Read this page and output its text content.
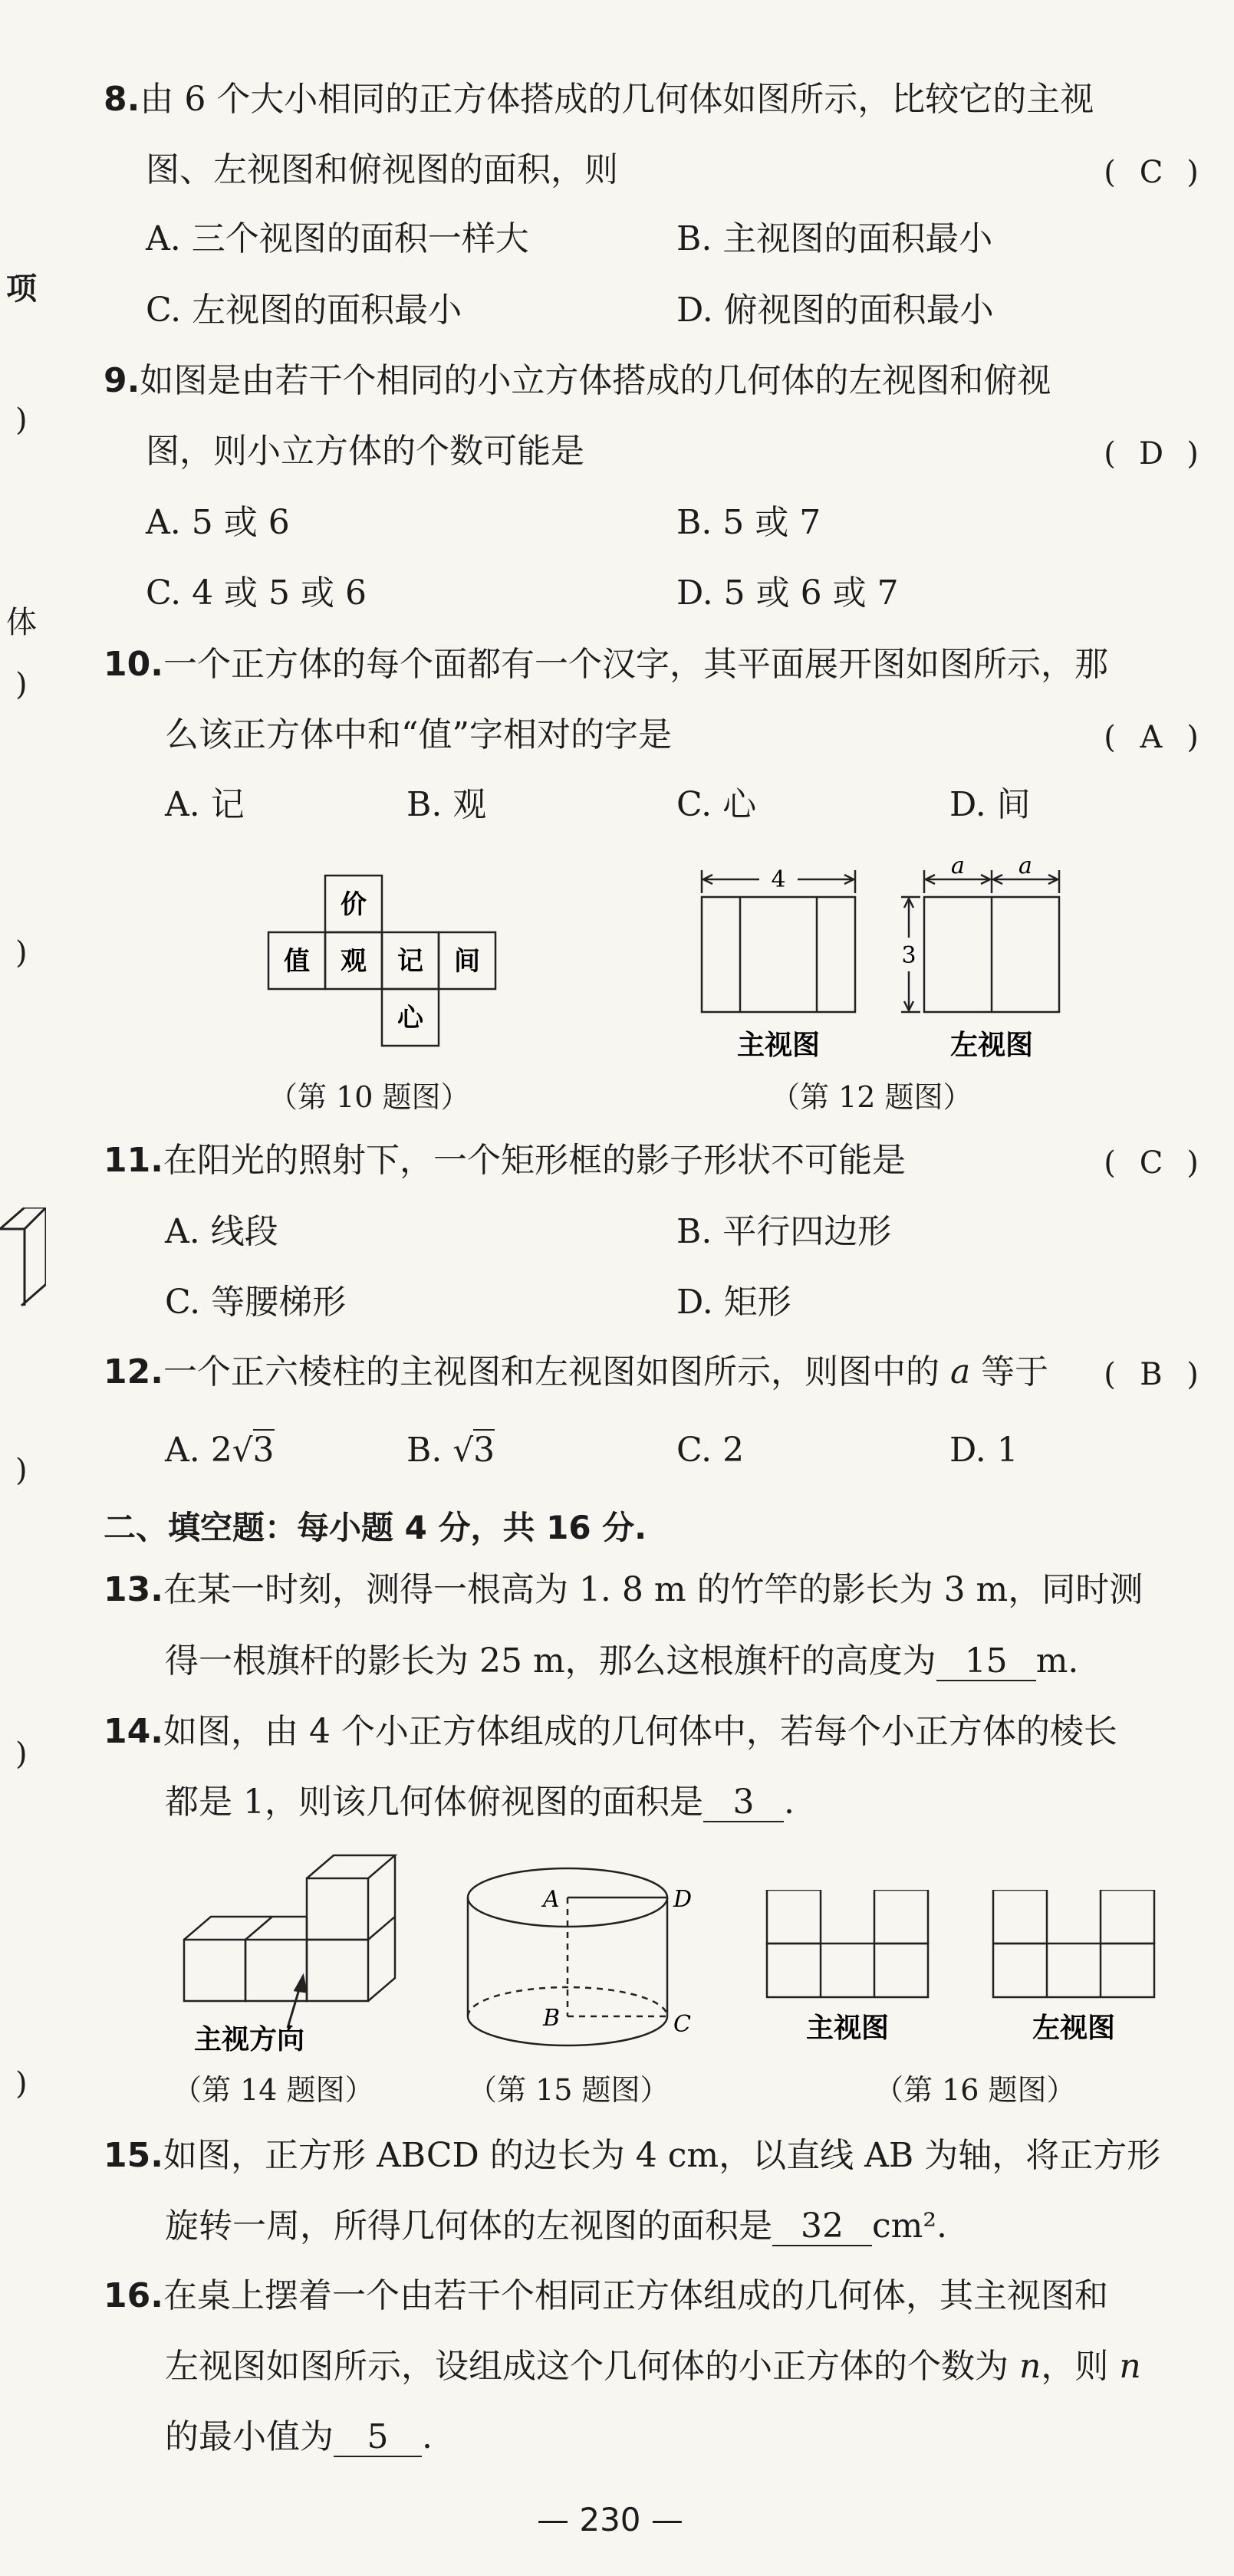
项
)
体
)
)
)
)
)
8.由 6 个大小相同的正方体搭成的几何体如图所示，比较它的主视
图、左视图和俯视图的面积，则	( C )
A. 三个视图的面积一样大	B. 主视图的面积最小
C. 左视图的面积最小	D. 俯视图的面积最小
9.如图是由若干个相同的小立方体搭成的几何体的左视图和俯视
图，则小立方体的个数可能是	( D )
A. 5 或 6	B. 5 或 7
C. 4 或 5 或 6	D. 5 或 6 或 7
10.一个正方体的每个面都有一个汉字，其平面展开图如图所示，那
么该正方体中和“值”字相对的字是	( A )
A. 记	B. 观	C. 心	D. 间
价
值 观 记 间
心
（第 10 题图）
4
a a
3
主视图	左视图
（第 12 题图）
11.在阳光的照射下，一个矩形框的影子形状不可能是	( C )
A. 线段	B. 平行四边形
C. 等腰梯形	D. 矩形
12.一个正六棱柱的主视图和左视图如图所示，则图中的 a 等于 ( B )
A. 2√3	B. √3	C. 2	D. 1
二、填空题：每小题 4 分，共 16 分.
13.在某一时刻，测得一根高为 1. 8 m 的竹竿的影长为 3 m，同时测
得一根旗杆的影长为 25 m，那么这根旗杆的高度为 15 m.
14.如图，由 4 个小正方体组成的几何体中，若每个小正方体的棱长
都是 1，则该几何体俯视图的面积是 3 .
主视方向
（第 14 题图）
A	D
B	C
（第 15 题图）
主视图	左视图
（第 16 题图）
15.如图，正方形 ABCD 的边长为 4 cm，以直线 AB 为轴，将正方形
旋转一周，所得几何体的左视图的面积是 32 cm².
16.在桌上摆着一个由若干个相同正方体组成的几何体，其主视图和
左视图如图所示，设组成这个几何体的小正方体的个数为 n，则 n
的最小值为 5 .
— 230 —
